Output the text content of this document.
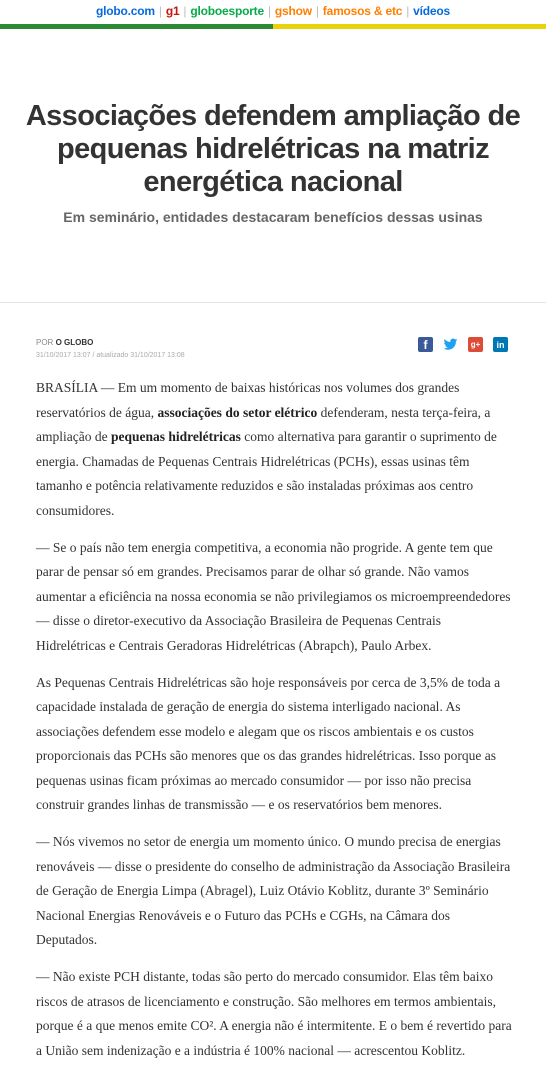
globo.com | g1 | globoesporte | gshow | famosos & etc | vídeos
Associações defendem ampliação de pequenas hidrelétricas na matriz energética nacional
Em seminário, entidades destacaram benefícios dessas usinas
POR O GLOBO
31/10/2017 13:07 / atualizado 31/10/2017 13:08
f	g+ in

BRASÍLIA — Em um momento de baixas históricas nos volumes dos grandes reservatórios de água, associações do setor elétrico defenderam, nesta terça-feira, a ampliação de pequenas hidrelétricas como alternativa para garantir o suprimento de energia. Chamadas de Pequenas Centrais Hidrelétricas (PCHs), essas usinas têm tamanho e potência relativamente reduzidos e são instaladas próximas aos centro consumidores.

— Se o país não tem energia competitiva, a economia não progride. A gente tem que parar de pensar só em grandes. Precisamos parar de olhar só grande. Não vamos aumentar a eficiência na nossa economia se não privilegiamos os microempreendedores — disse o diretor-executivo da Associação Brasileira de Pequenas Centrais Hidrelétricas e Centrais Geradoras Hidrelétricas (Abrapch), Paulo Arbex.

As Pequenas Centrais Hidrelétricas são hoje responsáveis por cerca de 3,5% de toda a capacidade instalada de geração de energia do sistema interligado nacional. As associações defendem esse modelo e alegam que os riscos ambientais e os custos proporcionais das PCHs são menores que os das grandes hidrelétricas. Isso porque as pequenas usinas ficam próximas ao mercado consumidor — por isso não precisa construir grandes linhas de transmissão — e os reservatórios bem menores.

— Nós vivemos no setor de energia um momento único. O mundo precisa de energias renováveis — disse o presidente do conselho de administração da Associação Brasileira de Geração de Energia Limpa (Abragel), Luiz Otávio Koblitz, durante 3º Seminário Nacional Energias Renováveis e o Futuro das PCHs e CGHs, na Câmara dos Deputados.

— Não existe PCH distante, todas são perto do mercado consumidor. Elas têm baixo riscos de atrasos de licenciamento e construção. São melhores em termos ambientais, porque é a que menos emite CO². A energia não é intermitente. E o bem é revertido para a União sem indenização e a indústria é 100% nacional — acrescentou Koblitz.
